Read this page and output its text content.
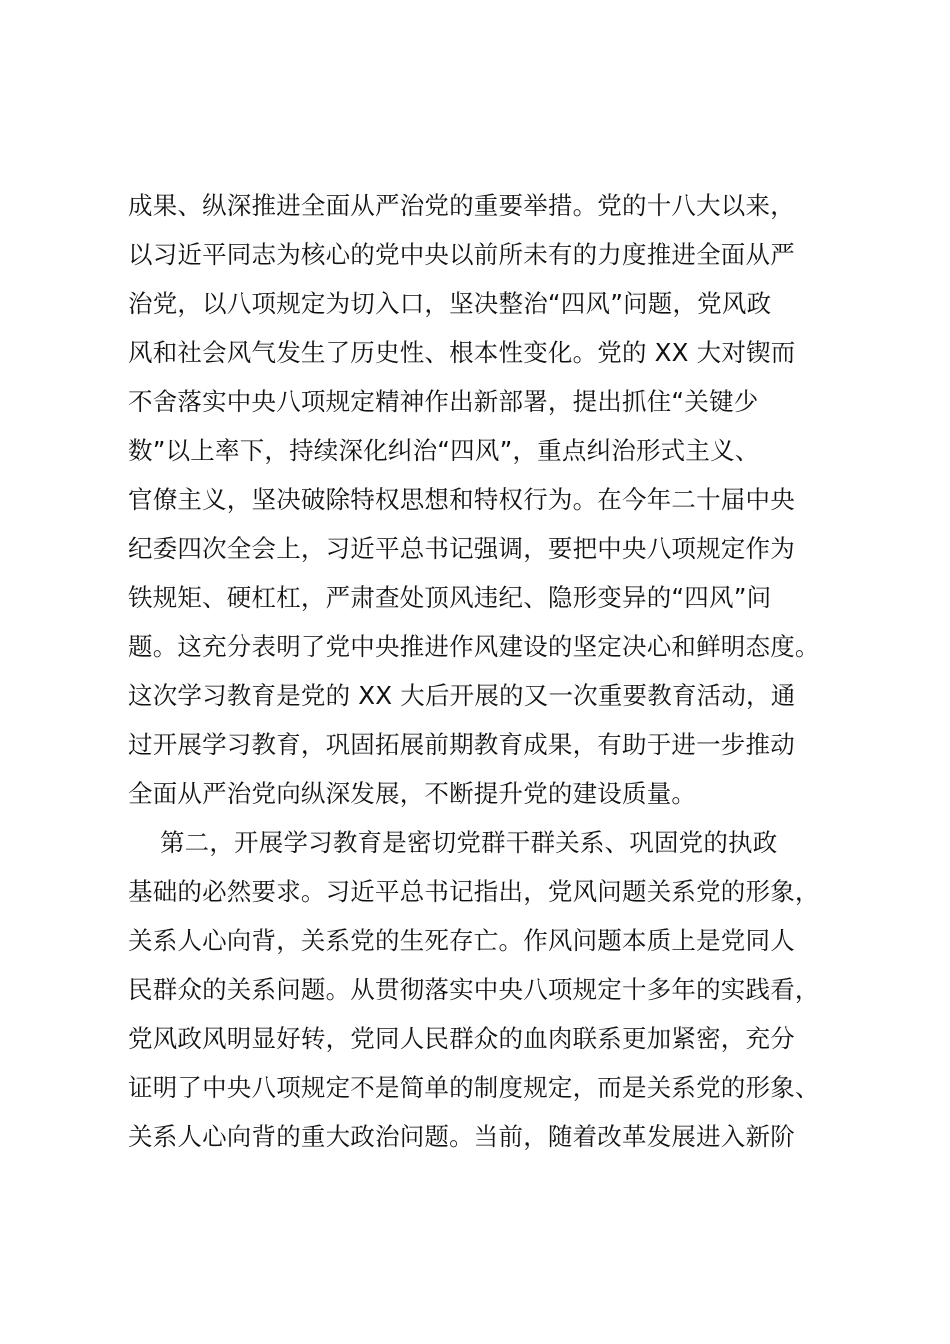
成果、纵深推进全面从严治党的重要举措。党的十八大以来，
以习近平同志为核心的党中央以前所未有的力度推进全面从严
治党，以八项规定为切入口，坚决整治“四风”问题，党风政
风和社会风气发生了历史性、根本性变化。党的 XX 大对锲而
不舍落实中央八项规定精神作出新部署，提出抓住“关键少
数”以上率下，持续深化纠治“四风”，重点纠治形式主义、
官僚主义，坚决破除特权思想和特权行为。在今年二十届中央
纪委四次全会上，习近平总书记强调，要把中央八项规定作为
铁规矩、硬杠杠，严肃查处顶风违纪、隐形变异的“四风”问
题。这充分表明了党中央推进作风建设的坚定决心和鲜明态度。
这次学习教育是党的 XX 大后开展的又一次重要教育活动，通
过开展学习教育，巩固拓展前期教育成果，有助于进一步推动
全面从严治党向纵深发展，不断提升党的建设质量。
第二，开展学习教育是密切党群干群关系、巩固党的执政
基础的必然要求。习近平总书记指出，党风问题关系党的形象，
关系人心向背，关系党的生死存亡。作风问题本质上是党同人
民群众的关系问题。从贯彻落实中央八项规定十多年的实践看，
党风政风明显好转，党同人民群众的血肉联系更加紧密，充分
证明了中央八项规定不是简单的制度规定，而是关系党的形象、
关系人心向背的重大政治问题。当前，随着改革发展进入新阶
